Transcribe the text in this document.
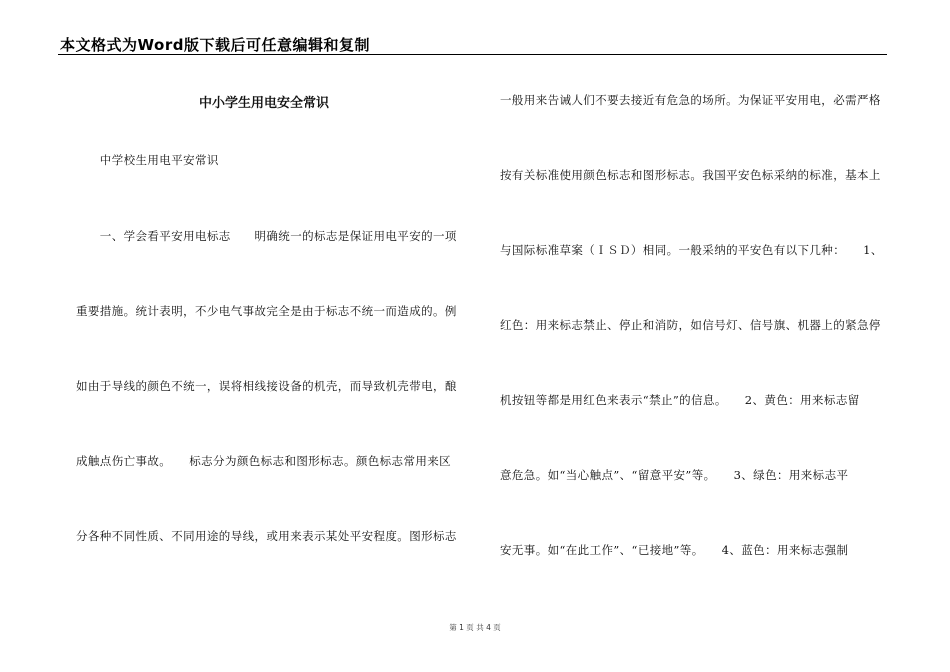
本文格式为Word版下载后可任意编辑和复制
中小学生用电安全常识
　　中学校生用电平安常识
　　一、学会看平安用电标志　　明确统一的标志是保证用电平安的一项
重要措施。统计表明，不少电气事故完全是由于标志不统一而造成的。例
如由于导线的颜色不统一，误将相线接设备的机壳，而导致机壳带电，酿
成触点伤亡事故。　　标志分为颜色标志和图形标志。颜色标志常用来区
分各种不同性质、不同用途的导线，或用来表示某处平安程度。图形标志
一般用来告诫人们不要去接近有危急的场所。为保证平安用电，必需严格
按有关标准使用颜色标志和图形标志。我国平安色标采纳的标准，基本上
与国际标准草案（ＩＳＤ）相同。一般采纳的平安色有以下几种：　　1、
红色：用来标志禁止、停止和消防，如信号灯、信号旗、机器上的紧急停
机按钮等都是用红色来表示“禁止”的信息。　　2、黄色：用来标志留
意危急。如“当心触点”、“留意平安”等。　　3、绿色：用来标志平
安无事。如“在此工作”、“已接地”等。　　4、蓝色：用来标志强制
第 1 页 共 4 页
